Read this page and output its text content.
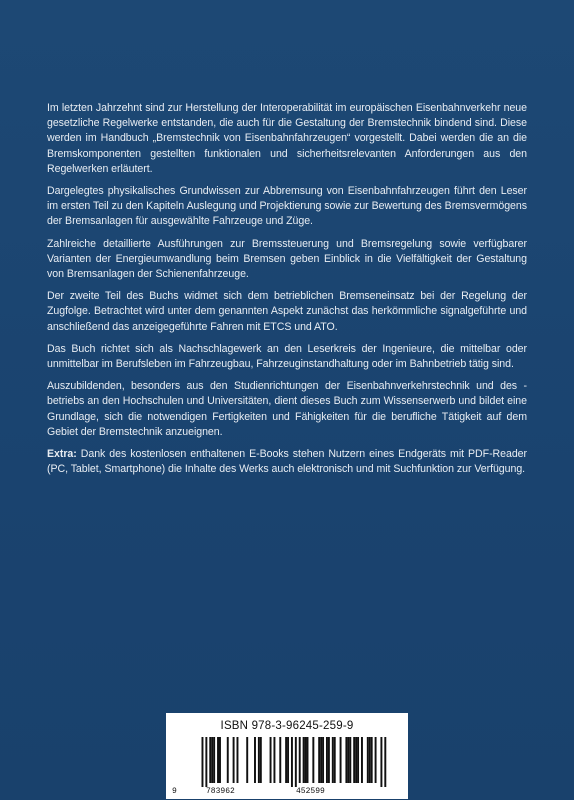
Im letzten Jahrzehnt sind zur Herstellung der Interoperabilität im europäischen Eisenbahnverkehr neue gesetzliche Regelwerke entstanden, die auch für die Gestaltung der Bremstechnik bindend sind. Diese werden im Handbuch „Bremstechnik von Eisenbahnfahrzeugen“ vorgestellt. Dabei werden die an die Bremskomponenten gestellten funktionalen und sicherheitsrelevanten Anforderungen aus den Regelwerken erläutert.

Dargelegtes physikalisches Grundwissen zur Abbremsung von Eisenbahnfahrzeugen führt den Leser im ersten Teil zu den Kapiteln Auslegung und Projektierung sowie zur Bewertung des Bremsvermögens der Bremsanlagen für ausgewählte Fahrzeuge und Züge.

Zahlreiche detaillierte Ausführungen zur Bremssteuerung und Bremsregelung sowie verfügbarer Varianten der Energieumwandlung beim Bremsen geben Einblick in die Vielfältigkeit der Gestaltung von Bremsanlagen der Schienenfahrzeuge.

Der zweite Teil des Buchs widmet sich dem betrieblichen Bremseneinsatz bei der Regelung der Zugfolge. Betrachtet wird unter dem genannten Aspekt zunächst das herkömmliche signalgeführte und anschließend das anzeigegeführte Fahren mit ETCS und ATO.

Das Buch richtet sich als Nachschlagewerk an den Leserkreis der Ingenieure, die mittelbar oder unmittelbar im Berufsleben im Fahrzeugbau, Fahrzeuginstandhaltung oder im Bahnbetrieb tätig sind.

Auszubildenden, besonders aus den Studienrichtungen der Eisenbahnverkehrstechnik und des -betriebs an den Hochschulen und Universitäten, dient dieses Buch zum Wissenserwerb und bildet eine Grundlage, sich die notwendigen Fertigkeiten und Fähigkeiten für die berufliche Tätigkeit auf dem Gebiet der Bremstechnik anzueignen.

Extra: Dank des kostenlosen enthaltenen E-Books stehen Nutzern eines Endgeräts mit PDF-Reader (PC, Tablet, Smartphone) die Inhalte des Werks auch elektronisch und mit Suchfunktion zur Verfügung.

ISBN 978-3-96245-259-9
9	783962	452599
